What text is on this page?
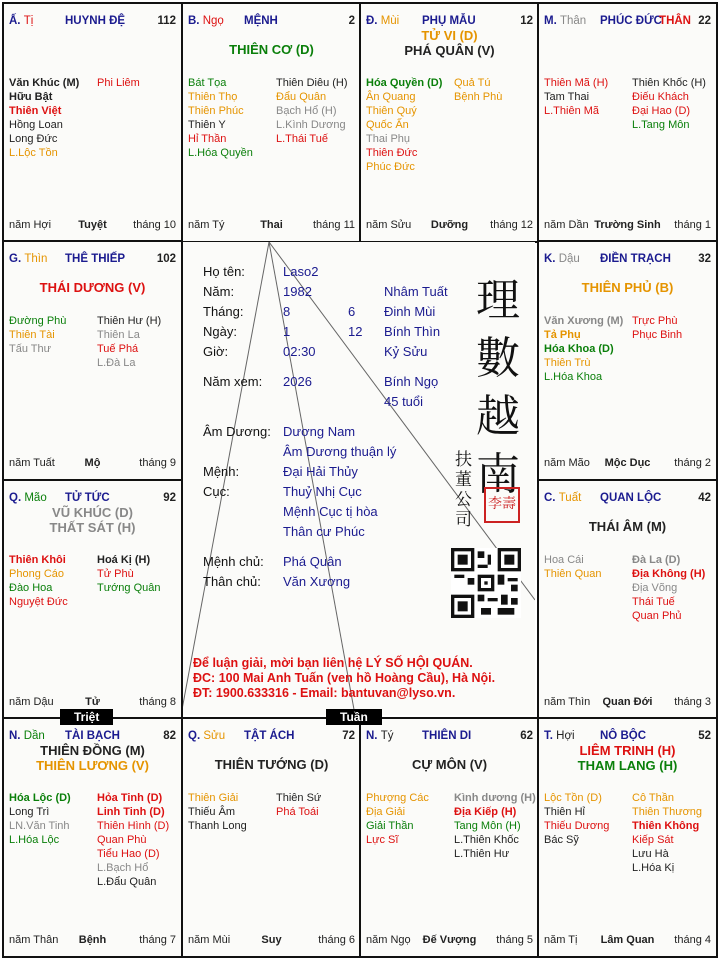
Ấ. Tị	HUYNH ĐỆ	112
Văn Khúc (M)
Hữu Bật
Thiên Việt
Hồng Loan
Long Đức
L.Lộc Tồn
Phi Liêm
năm Hợi	Tuyệt	tháng 10
B. Ngọ MỆNH	2
THIÊN CƠ (D)
Bát Tọa
Thiên Thọ
Thiên Phúc
Thiên Y
Hỉ Thần
L.Hóa Quyền
Thiên Diêu (H)
Đẩu Quân
Bạch Hổ (H)
L.Kình Dương
L.Thái Tuế
năm Tý	Thai	tháng 11
Đ. Mùi PHỤ MẪU	12
TỬ VI (D)
PHÁ QUÂN (V)
Hóa Quyền (D)
Ân Quang
Thiên Quý
Quốc Ấn
Thai Phụ
Thiên Đức
Phúc Đức
Quả Tú
Bệnh Phù
năm Sửu	Dưỡng	tháng 12
M. Thân PHÚC ĐỨC
THÂN 22
Thiên Mã (H)
Tam Thai
L.Thiên Mã
Thiên Khốc (H)
Điếu Khách
Đại Hao (D)
L.Tang Môn
năm Dần Trường Sinh	tháng 1
G. Thìn THÊ THIẾP	102
THÁI DƯƠNG (V)
Đường Phù
Thiên Tài
Tấu Thư
Thiên Hư (H)
Thiên La
Tuế Phá
L.Đà La
năm Tuất	Mộ	tháng 9
K. Dậu ĐIỀN TRẠCH 32
THIÊN PHỦ (B)
Văn Xương (M)
Tả Phụ
Hóa Khoa (D)
Thiên Trù
L.Hóa Khoa
Trực Phù
Phục Binh
năm Mão	Mộc Dục	tháng 2
Q. Mão TỬ TỨC	92
VŨ KHÚC (D)
THẤT SÁT (H)
Thiên Khôi
Phong Cáo
Đào Hoa
Nguyệt Đức
Hoá Kị (H)
Tử Phù
Tướng Quân
năm Dậu	Tử	tháng 8
C. Tuất QUAN LỘC	42
THÁI ÂM (M)
Hoa Cái
Thiên Quan
Đà La (D)
Địa Không (H)
Địa Võng
Thái Tuế
Quan Phủ
năm Thìn	Quan Đới	tháng 3
N. Dần TÀI BẠCH	82
THIÊN ĐỒNG (M)
THIÊN LƯƠNG (V)
Hóa Lộc (D)
Long Trì
LN.Văn Tinh
L.Hóa Lộc
Hỏa Tinh (D)
Linh Tinh (D)
Thiên Hình (D)
Quan Phù
Tiểu Hao (D)
L.Bạch Hổ
L.Đẩu Quân
năm Thân	Bệnh	tháng 7
Q. Sửu TẬT ÁCH	72
THIÊN TƯỚNG (D)
Thiên Giải
Thiếu Âm
Thanh Long
Thiên Sứ
Phá Toái
năm Mùi	Suy	tháng 6
N. Tý THIÊN DI	62
CỰ MÔN (V)
Phượng Các
Địa Giải
Giải Thần
Lực Sĩ
Kình dương (H)
Địa Kiếp (H)
Tang Môn (H)
L.Thiên Khốc
L.Thiên Hư
năm Ngọ	Đế Vượng	tháng 5
T. Hợi NÔ BỘC	52
LIÊM TRINH (H)
THAM LANG (H)
Lộc Tồn (D)
Thiên Hỉ
Thiếu Dương
Bác Sỹ
Cô Thần
Thiên Thương
Thiên Không
Kiếp Sát
Lưu Hà
L.Hóa Kị
năm Tị	Lâm Quan	tháng 4
Họ tên:	Laso2
Năm:	1982	Nhâm Tuất
Tháng:	8	6 Đinh Mùi
Ngày:	1	12 Bính Thìn
Giờ:	02:30	Kỷ Sửu
Năm xem: 2026	Bính Ngọ
45 tuổi
Âm Dương: Dương Nam
Âm Dương thuận lý
Mệnh:	Đại Hải Thủy
Cục:	Thuỷ Nhị Cục
Mệnh Cục tị hòa
Thân cư Phúc
Mệnh chủ: Phá Quân
Thân chủ: Văn Xương
理
數
越
南
Để luận giải, mời bạn liên hệ LÝ SỐ HỘI QUÁN.
ĐC: 100 Mai Anh Tuấn (ven hồ Hoàng Cầu), Hà Nội.
ĐT: 1900.633316 - Email: bantuvan@lyso.vn.
扶
董
公
司
李壽
Triệt	Tuần
